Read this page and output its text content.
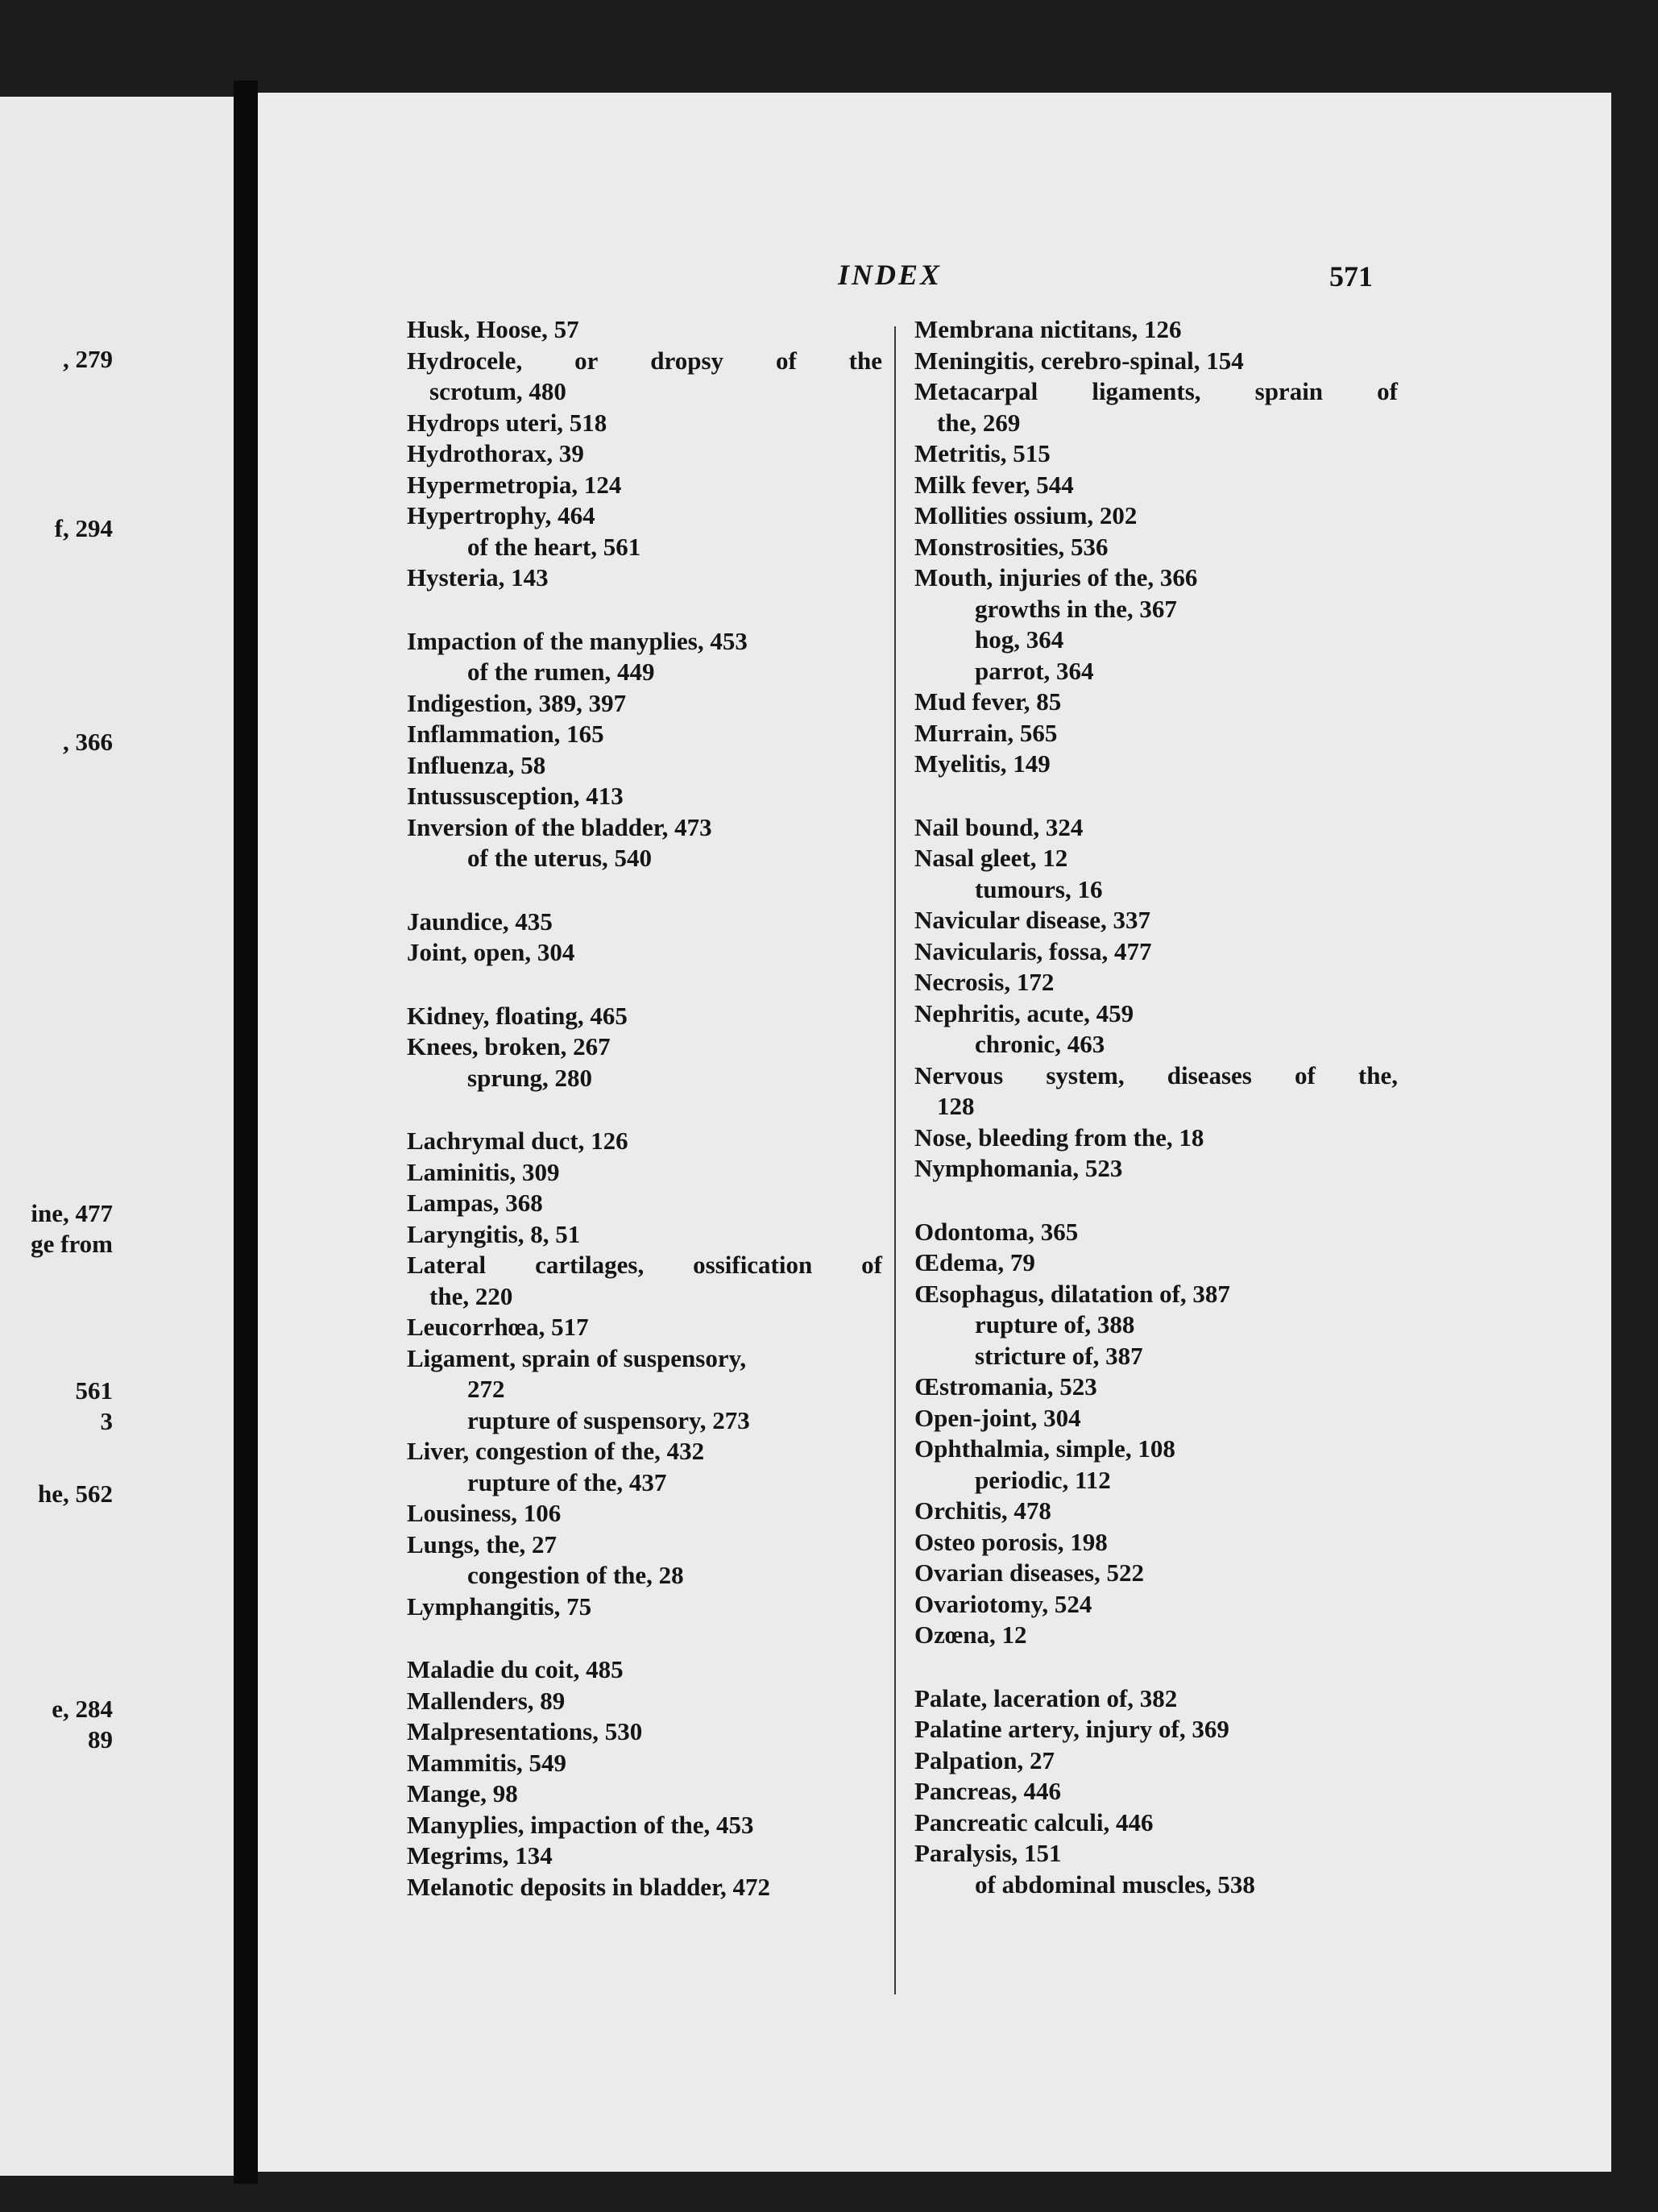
, 279
f, 294
, 366
ine, 477
ge from
561
3
he, 562
e, 284
89
INDEX	571
Husk, Hoose, 57
Hydrocele, or dropsy of the
scrotum, 480
Hydrops uteri, 518
Hydrothorax, 39
Hypermetropia, 124
Hypertrophy, 464
of the heart, 561
Hysteria, 143
Impaction of the manyplies, 453
of the rumen, 449
Indigestion, 389, 397
Inflammation, 165
Influenza, 58
Intussusception, 413
Inversion of the bladder, 473
of the uterus, 540
Jaundice, 435
Joint, open, 304
Kidney, floating, 465
Knees, broken, 267
sprung, 280
Lachrymal duct, 126
Laminitis, 309
Lampas, 368
Laryngitis, 8, 51
Lateral cartilages, ossification of
the, 220
Leucorrhœa, 517
Ligament, sprain of suspensory,
272
rupture of suspensory, 273
Liver, congestion of the, 432
rupture of the, 437
Lousiness, 106
Lungs, the, 27
congestion of the, 28
Lymphangitis, 75
Maladie du coit, 485
Mallenders, 89
Malpresentations, 530
Mammitis, 549
Mange, 98
Manyplies, impaction of the, 453
Megrims, 134
Melanotic deposits in bladder, 472
Membrana nictitans, 126
Meningitis, cerebro-spinal, 154
Metacarpal ligaments, sprain of
the, 269
Metritis, 515
Milk fever, 544
Mollities ossium, 202
Monstrosities, 536
Mouth, injuries of the, 366
growths in the, 367
hog, 364
parrot, 364
Mud fever, 85
Murrain, 565
Myelitis, 149
Nail bound, 324
Nasal gleet, 12
tumours, 16
Navicular disease, 337
Navicularis, fossa, 477
Necrosis, 172
Nephritis, acute, 459
chronic, 463
Nervous system, diseases of the,
128
Nose, bleeding from the, 18
Nymphomania, 523
Odontoma, 365
Œdema, 79
Œsophagus, dilatation of, 387
rupture of, 388
stricture of, 387
Œstromania, 523
Open-joint, 304
Ophthalmia, simple, 108
periodic, 112
Orchitis, 478
Osteo porosis, 198
Ovarian diseases, 522
Ovariotomy, 524
Ozœna, 12
Palate, laceration of, 382
Palatine artery, injury of, 369
Palpation, 27
Pancreas, 446
Pancreatic calculi, 446
Paralysis, 151
of abdominal muscles, 538
